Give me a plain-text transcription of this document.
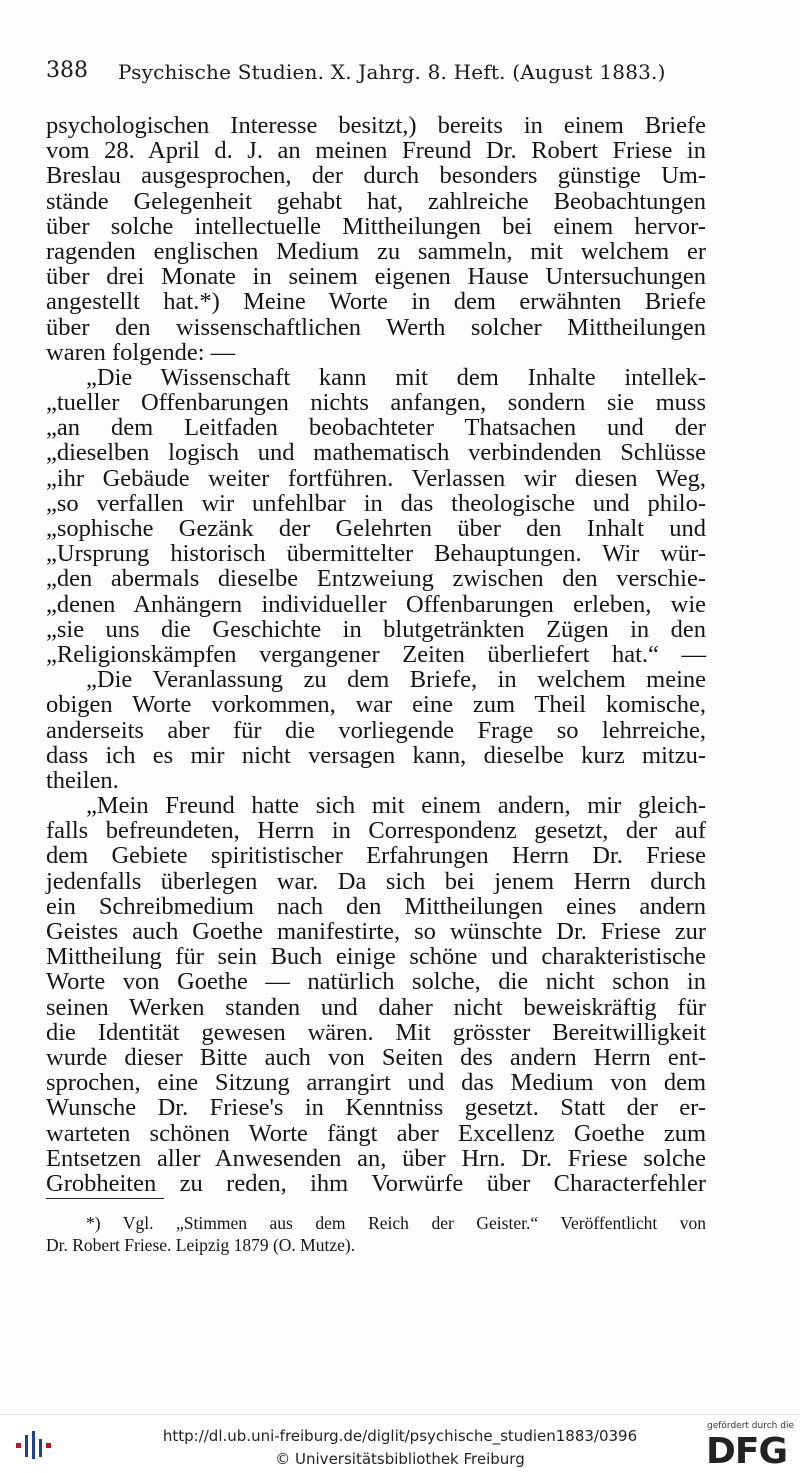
388 Psychische Studien. X. Jahrg. 8. Heft. (August 1883.)
psychologischen Interesse besitzt,) bereits in einem Briefe
vom 28. April d. J. an meinen Freund Dr. Robert Friese in
Breslau ausgesprochen, der durch besonders günstige Um-
stände Gelegenheit gehabt hat, zahlreiche Beobachtungen
über solche intellectuelle Mittheilungen bei einem hervor-
ragenden englischen Medium zu sammeln, mit welchem er
über drei Monate in seinem eigenen Hause Untersuchungen
angestellt hat.*) Meine Worte in dem erwähnten Briefe
über den wissenschaftlichen Werth solcher Mittheilungen
waren folgende: —
„Die Wissenschaft kann mit dem Inhalte intellek-
„tueller Offenbarungen nichts anfangen, sondern sie muss
„an dem Leitfaden beobachteter Thatsachen und der
„dieselben logisch und mathematisch verbindenden Schlüsse
„ihr Gebäude weiter fortführen. Verlassen wir diesen Weg,
„so verfallen wir unfehlbar in das theologische und philo-
„sophische Gezänk der Gelehrten über den Inhalt und
„Ursprung historisch übermittelter Behauptungen. Wir wür-
„den abermals dieselbe Entzweiung zwischen den verschie-
„denen Anhängern individueller Offenbarungen erleben, wie
„sie uns die Geschichte in blutgetränkten Zügen in den
„Religionskämpfen vergangener Zeiten überliefert hat.“ —
„Die Veranlassung zu dem Briefe, in welchem meine
obigen Worte vorkommen, war eine zum Theil komische,
anderseits aber für die vorliegende Frage so lehrreiche,
dass ich es mir nicht versagen kann, dieselbe kurz mitzu-
theilen.
„Mein Freund hatte sich mit einem andern, mir gleich-
falls befreundeten, Herrn in Correspondenz gesetzt, der auf
dem Gebiete spiritistischer Erfahrungen Herrn Dr. Friese
jedenfalls überlegen war. Da sich bei jenem Herrn durch
ein Schreibmedium nach den Mittheilungen eines andern
Geistes auch Goethe manifestirte, so wünschte Dr. Friese zur
Mittheilung für sein Buch einige schöne und charakteristische
Worte von Goethe — natürlich solche, die nicht schon in
seinen Werken standen und daher nicht beweiskräftig für
die Identität gewesen wären. Mit grösster Bereitwilligkeit
wurde dieser Bitte auch von Seiten des andern Herrn ent-
sprochen, eine Sitzung arrangirt und das Medium von dem
Wunsche Dr. Friese's in Kenntniss gesetzt. Statt der er-
warteten schönen Worte fängt aber Excellenz Goethe zum
Entsetzen aller Anwesenden an, über Hrn. Dr. Friese solche
Grobheiten zu reden, ihm Vorwürfe über Characterfehler
*) Vgl. „Stimmen aus dem Reich der Geister.“ Veröffentlicht von
Dr. Robert Friese. Leipzig 1879 (O. Mutze).
http://dl.ub.uni-freiburg.de/diglit/psychische_studien1883/0396
© Universitätsbibliothek Freiburg
gefördert durch die
DFG
